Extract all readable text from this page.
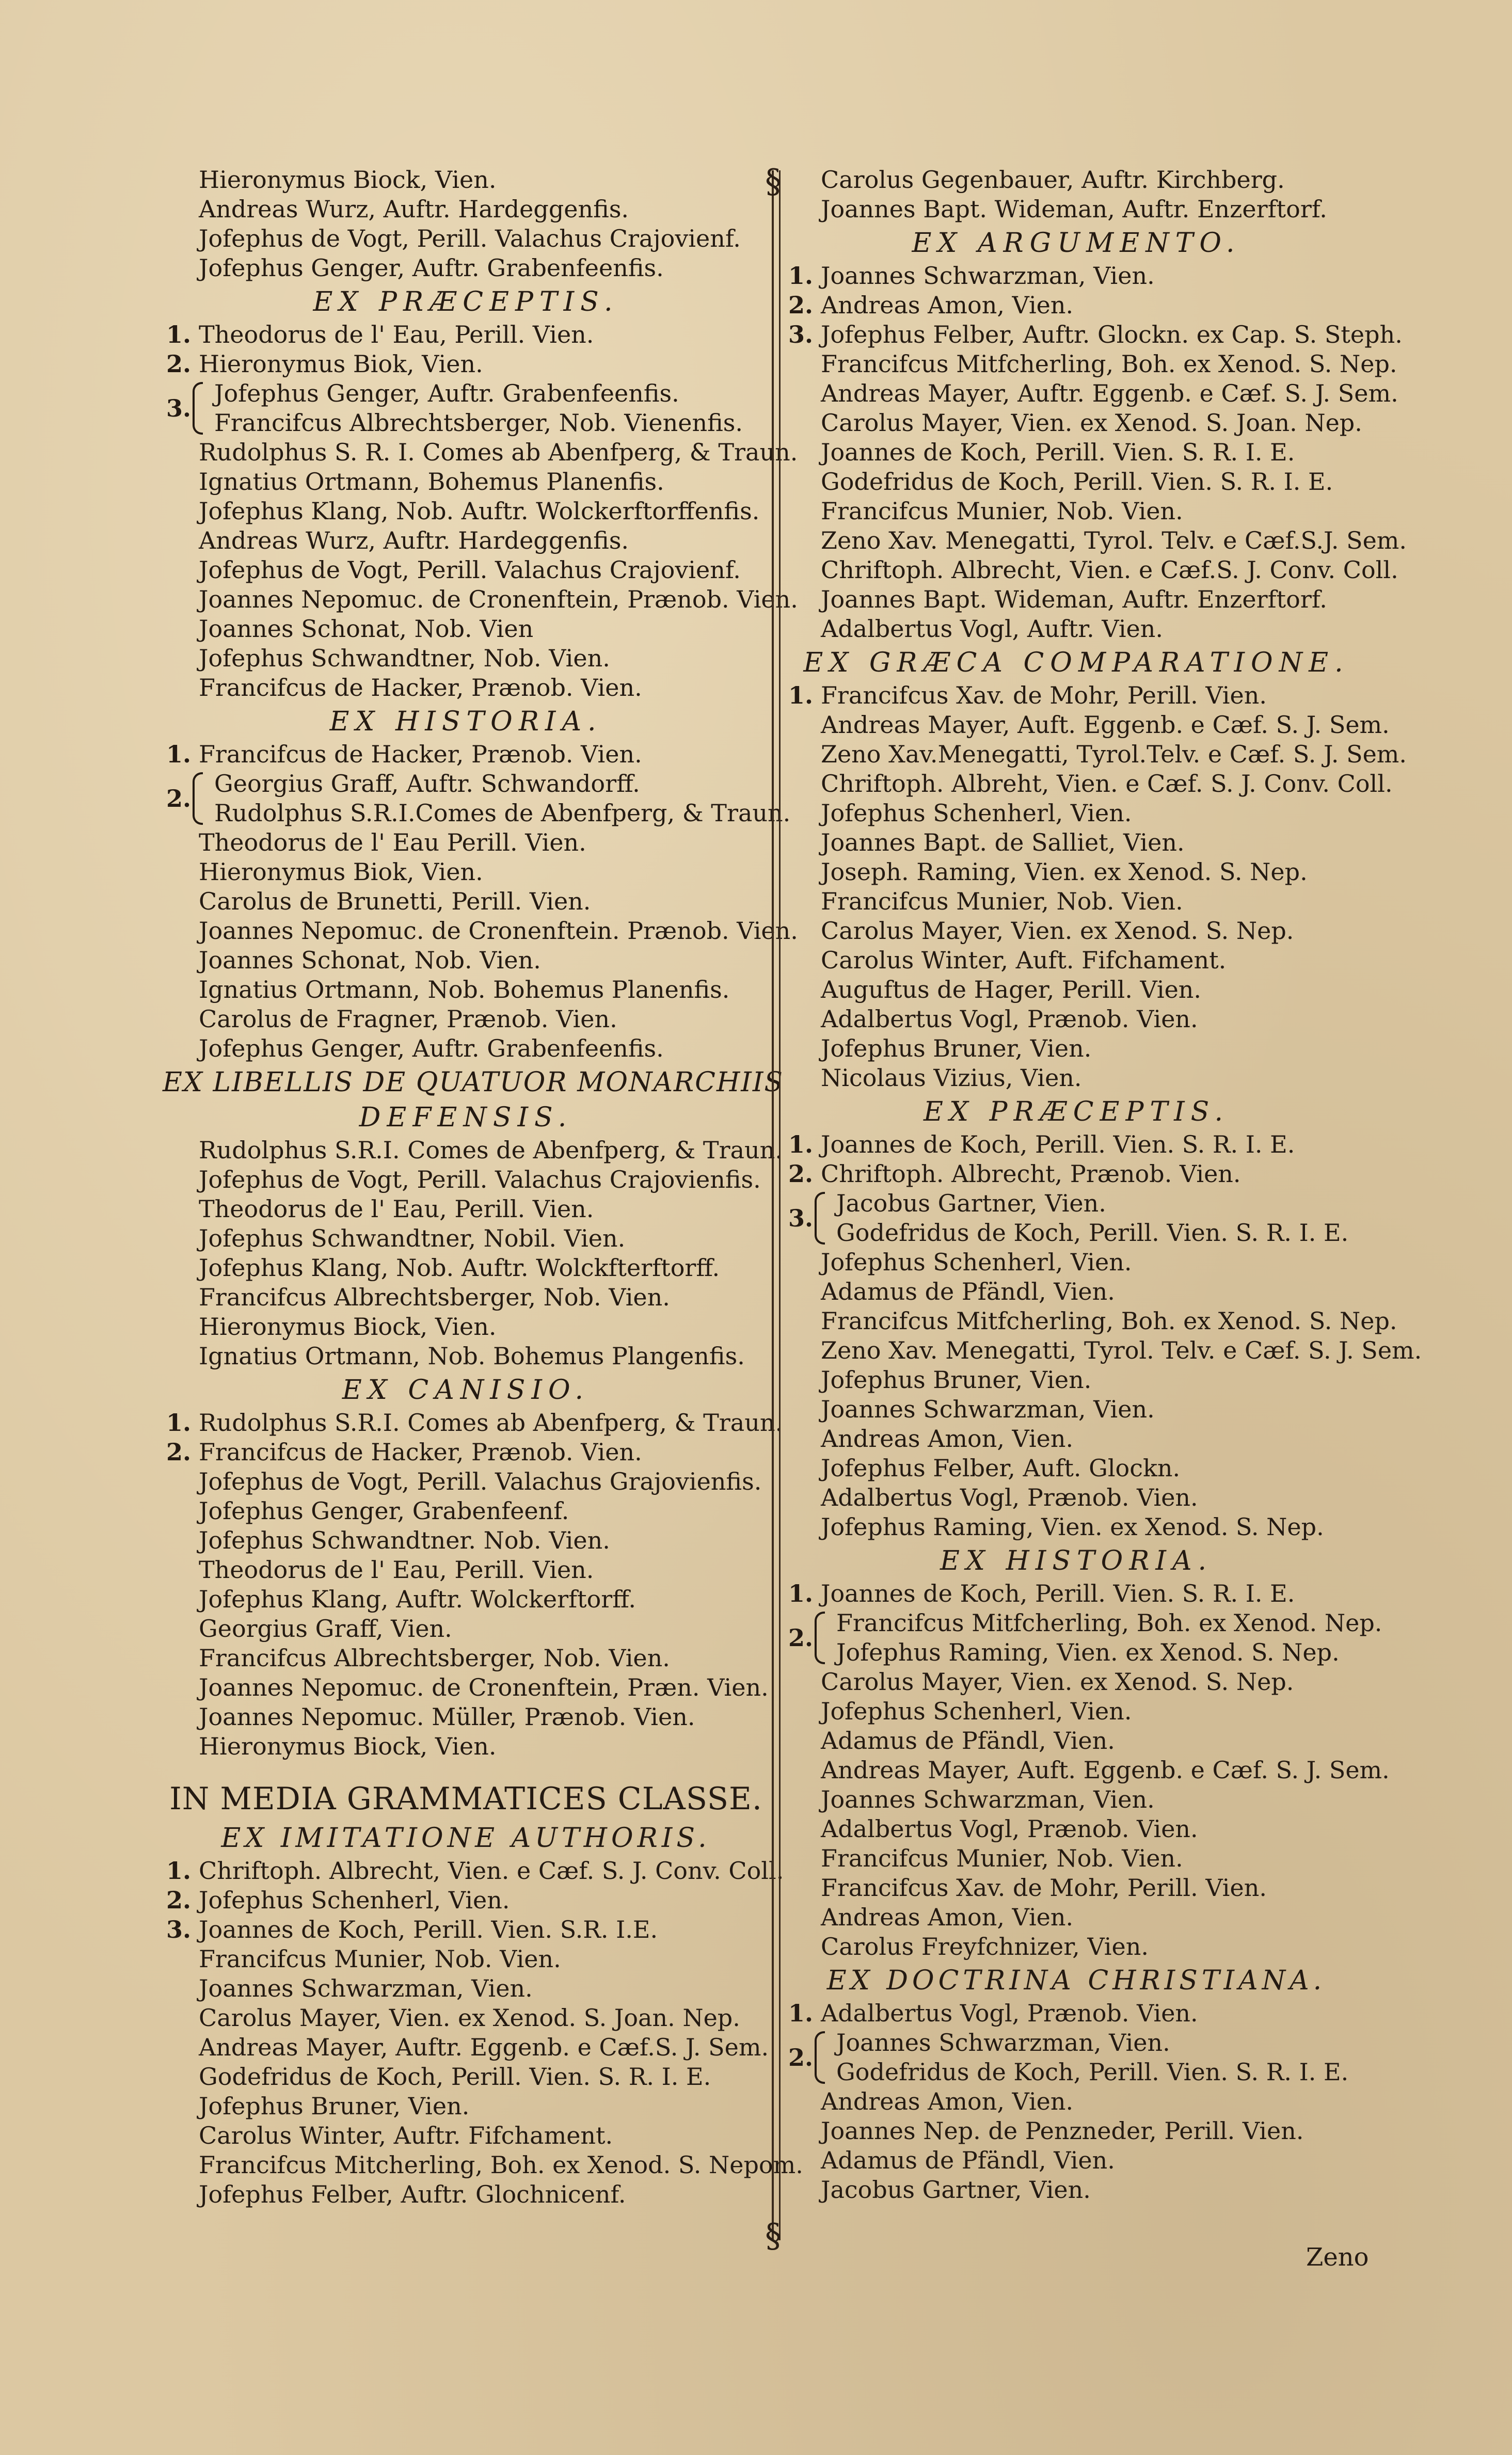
Hieronymus Biock, Vien.
Andreas Wurz, Auftr. Hardeggenfis.
Jofephus de Vogt, Perill. Valachus Crajovienf.
Jofephus Genger, Auftr. Grabenfeenfis.
EX PRÆCEPTIS.
1. Theodorus de l' Eau, Perill. Vien.
2. Hieronymus Biok, Vien.
3.
Jofephus Genger, Auftr. Grabenfeenfis.
Francifcus Albrechtsberger, Nob. Vienenfis.
Rudolphus S. R. I. Comes ab Abenfperg, & Traun.
Ignatius Ortmann, Bohemus Planenfis.
Jofephus Klang, Nob. Auftr. Wolckerftorffenfis.
Andreas Wurz, Auftr. Hardeggenfis.
Jofephus de Vogt, Perill. Valachus Crajovienf.
Joannes Nepomuc. de Cronenftein, Prænob. Vien.
Joannes Schonat, Nob. Vien
Jofephus Schwandtner, Nob. Vien.
Francifcus de Hacker, Prænob. Vien.
EX HISTORIA.
1. Francifcus de Hacker, Prænob. Vien.
2.
Georgius Graff, Auftr. Schwandorff.
Rudolphus S.R.I.Comes de Abenfperg, & Traun.
Theodorus de l' Eau Perill. Vien.
Hieronymus Biok, Vien.
Carolus de Brunetti, Perill. Vien.
Joannes Nepomuc. de Cronenftein. Prænob. Vien.
Joannes Schonat, Nob. Vien.
Ignatius Ortmann, Nob. Bohemus Planenfis.
Carolus de Fragner, Prænob. Vien.
Jofephus Genger, Auftr. Grabenfeenfis.
EX LIBELLIS DE QUATUOR MONARCHIIS
DEFENSIS.
Rudolphus S.R.I. Comes de Abenfperg, & Traun.
Jofephus de Vogt, Perill. Valachus Crajovienfis.
Theodorus de l' Eau, Perill. Vien.
Jofephus Schwandtner, Nobil. Vien.
Jofephus Klang, Nob. Auftr. Wolckfterftorff.
Francifcus Albrechtsberger, Nob. Vien.
Hieronymus Biock, Vien.
Ignatius Ortmann, Nob. Bohemus Plangenfis.
EX CANISIO.
1. Rudolphus S.R.I. Comes ab Abenfperg, & Traun.
2. Francifcus de Hacker, Prænob. Vien.
Jofephus de Vogt, Perill. Valachus Grajovienfis.
Jofephus Genger, Grabenfeenf.
Jofephus Schwandtner. Nob. Vien.
Theodorus de l' Eau, Perill. Vien.
Jofephus Klang, Auftr. Wolckerftorff.
Georgius Graff, Vien.
Francifcus Albrechtsberger, Nob. Vien.
Joannes Nepomuc. de Cronenftein, Præn. Vien.
Joannes Nepomuc. Müller, Prænob. Vien.
Hieronymus Biock, Vien.
IN MEDIA GRAMMATICES CLASSE.
EX IMITATIONE AUTHORIS.
1. Chriftoph. Albrecht, Vien. e Cæf. S. J. Conv. Coll.
2. Jofephus Schenherl, Vien.
3. Joannes de Koch, Perill. Vien. S.R. I.E.
Francifcus Munier, Nob. Vien.
Joannes Schwarzman, Vien.
Carolus Mayer, Vien. ex Xenod. S. Joan. Nep.
Andreas Mayer, Auftr. Eggenb. e Cæf.S. J. Sem.
Godefridus de Koch, Perill. Vien. S. R. I. E.
Jofephus Bruner, Vien.
Carolus Winter, Auftr. Fifchament.
Francifcus Mitcherling, Boh. ex Xenod. S. Nepom.
Jofephus Felber, Auftr. Glochnicenf.
§
§
Carolus Gegenbauer, Auftr. Kirchberg.
Joannes Bapt. Wideman, Auftr. Enzerftorf.
EX ARGUMENTO.
1. Joannes Schwarzman, Vien.
2. Andreas Amon, Vien.
3. Jofephus Felber, Auftr. Glockn. ex Cap. S. Steph.
Francifcus Mitfcherling, Boh. ex Xenod. S. Nep.
Andreas Mayer, Auftr. Eggenb. e Cæf. S. J. Sem.
Carolus Mayer, Vien. ex Xenod. S. Joan. Nep.
Joannes de Koch, Perill. Vien. S. R. I. E.
Godefridus de Koch, Perill. Vien. S. R. I. E.
Francifcus Munier, Nob. Vien.
Zeno Xav. Menegatti, Tyrol. Telv. e Cæf.S.J. Sem.
Chriftoph. Albrecht, Vien. e Cæf.S. J. Conv. Coll.
Joannes Bapt. Wideman, Auftr. Enzerftorf.
Adalbertus Vogl, Auftr. Vien.
EX GRÆCA COMPARATIONE.
1. Francifcus Xav. de Mohr, Perill. Vien.
Andreas Mayer, Auft. Eggenb. e Cæf. S. J. Sem.
Zeno Xav.Menegatti, Tyrol.Telv. e Cæf. S. J. Sem.
Chriftoph. Albreht, Vien. e Cæf. S. J. Conv. Coll.
Jofephus Schenherl, Vien.
Joannes Bapt. de Salliet, Vien.
Joseph. Raming, Vien. ex Xenod. S. Nep.
Francifcus Munier, Nob. Vien.
Carolus Mayer, Vien. ex Xenod. S. Nep.
Carolus Winter, Auft. Fifchament.
Auguftus de Hager, Perill. Vien.
Adalbertus Vogl, Prænob. Vien.
Jofephus Bruner, Vien.
Nicolaus Vizius, Vien.
EX PRÆCEPTIS.
1. Joannes de Koch, Perill. Vien. S. R. I. E.
2. Chriftoph. Albrecht, Prænob. Vien.
3.
Jacobus Gartner, Vien.
Godefridus de Koch, Perill. Vien. S. R. I. E.
Jofephus Schenherl, Vien.
Adamus de Pfändl, Vien.
Francifcus Mitfcherling, Boh. ex Xenod. S. Nep.
Zeno Xav. Menegatti, Tyrol. Telv. e Cæf. S. J. Sem.
Jofephus Bruner, Vien.
Joannes Schwarzman, Vien.
Andreas Amon, Vien.
Jofephus Felber, Auft. Glockn.
Adalbertus Vogl, Prænob. Vien.
Jofephus Raming, Vien. ex Xenod. S. Nep.
EX HISTORIA.
1. Joannes de Koch, Perill. Vien. S. R. I. E.
2.
Francifcus Mitfcherling, Boh. ex Xenod. Nep.
Jofephus Raming, Vien. ex Xenod. S. Nep.
Carolus Mayer, Vien. ex Xenod. S. Nep.
Jofephus Schenherl, Vien.
Adamus de Pfändl, Vien.
Andreas Mayer, Auft. Eggenb. e Cæf. S. J. Sem.
Joannes Schwarzman, Vien.
Adalbertus Vogl, Prænob. Vien.
Francifcus Munier, Nob. Vien.
Francifcus Xav. de Mohr, Perill. Vien.
Andreas Amon, Vien.
Carolus Freyfchnizer, Vien.
EX DOCTRINA CHRISTIANA.
1. Adalbertus Vogl, Prænob. Vien.
2.
Joannes Schwarzman, Vien.
Godefridus de Koch, Perill. Vien. S. R. I. E.
Andreas Amon, Vien.
Joannes Nep. de Penzneder, Perill. Vien.
Adamus de Pfändl, Vien.
Jacobus Gartner, Vien.
Zeno
